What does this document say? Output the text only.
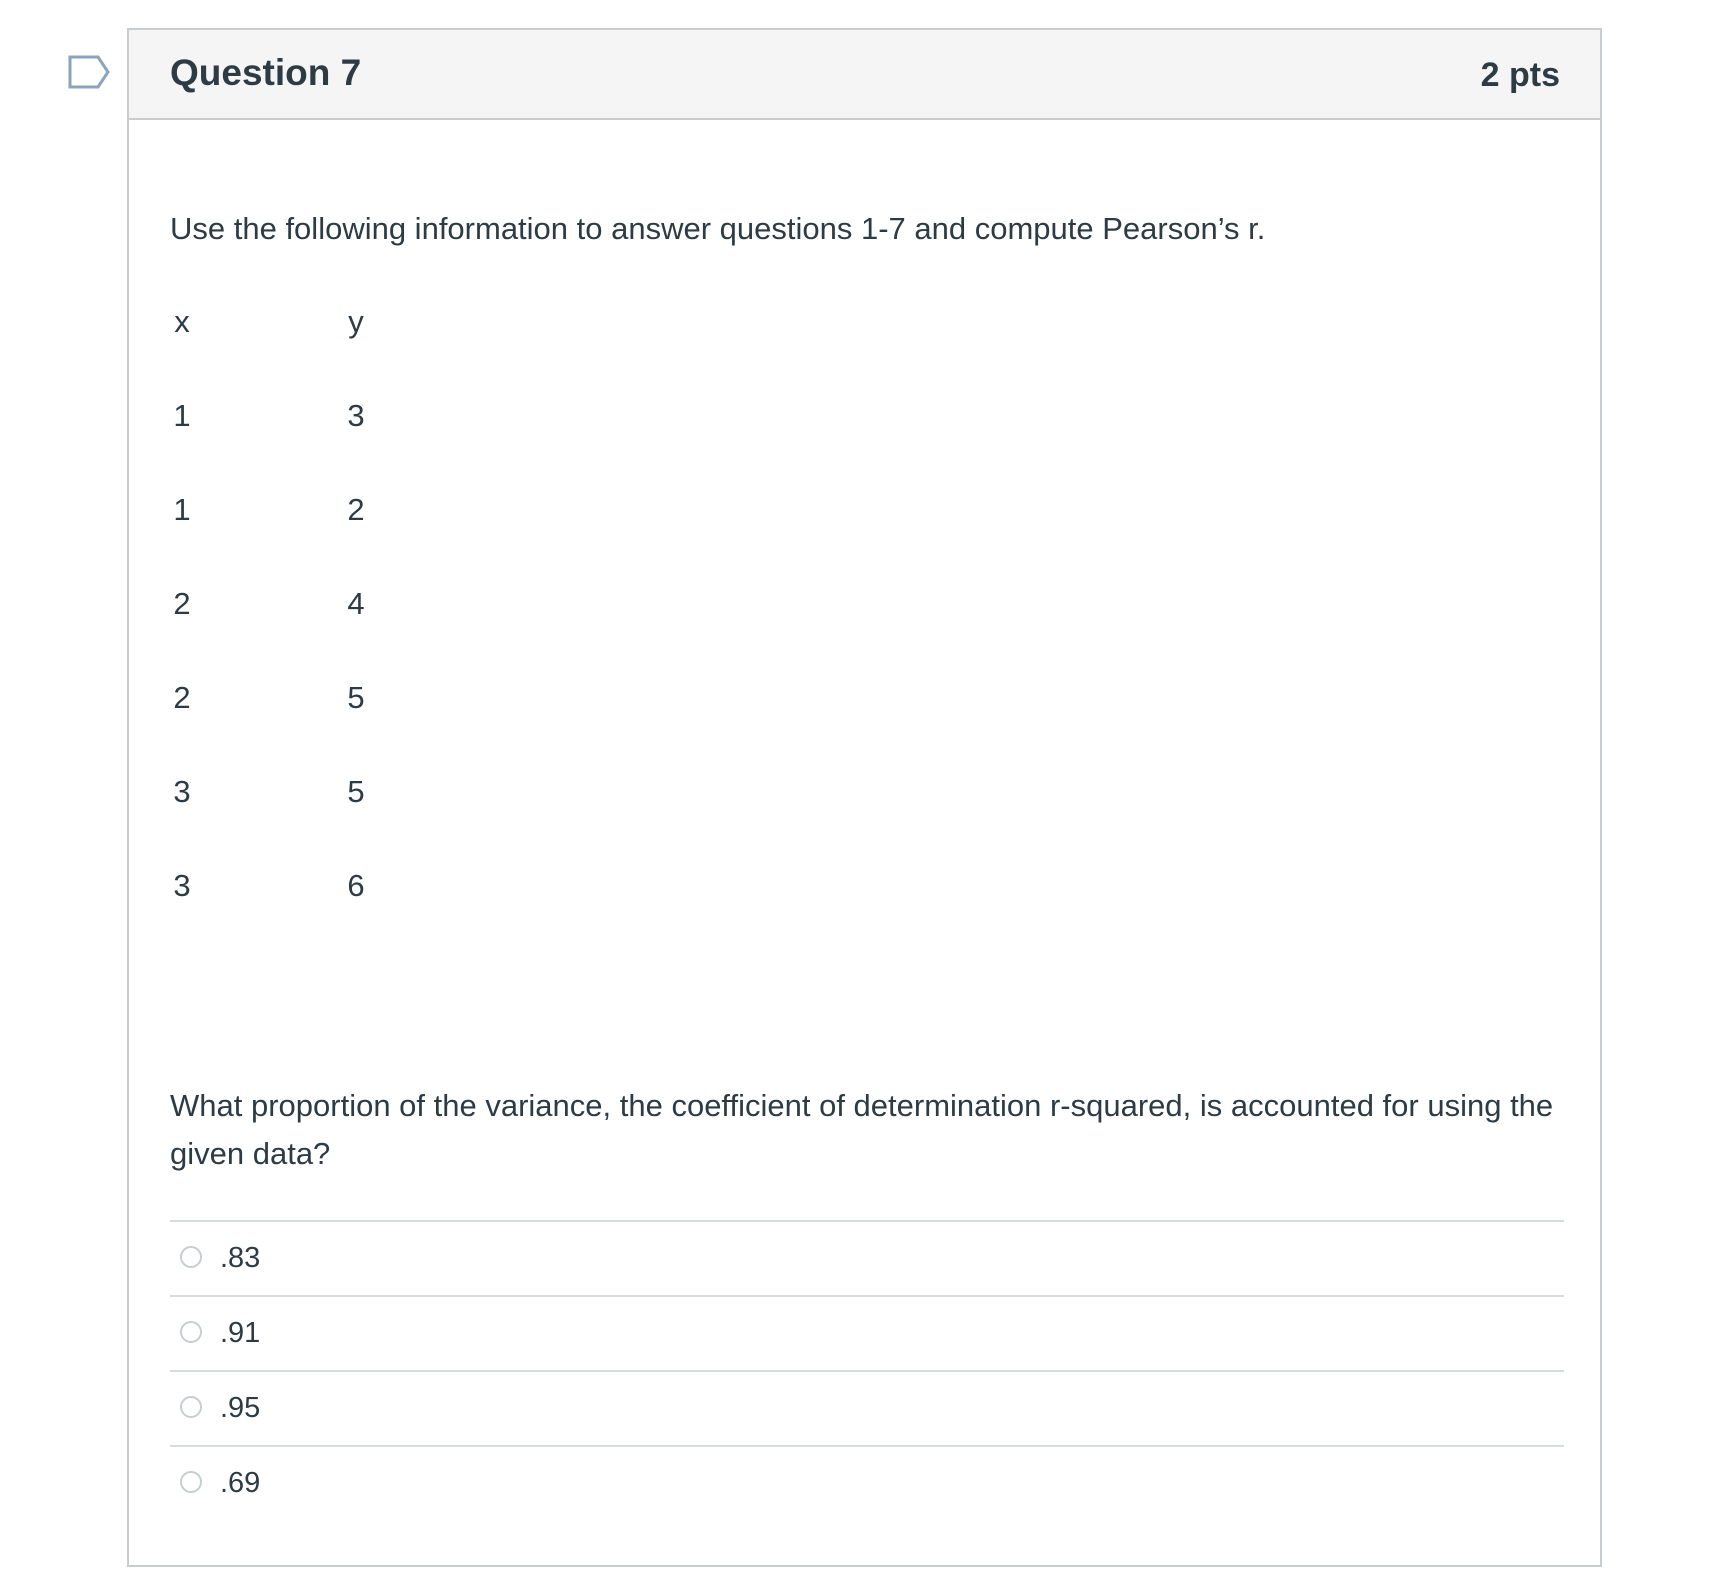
Question 7	2 pts
Use the following information to answer questions 1-7 and compute Pearson’s r.
x	y
1	3
1	2
2	4
2	5
3	5
3	6
What proportion of the variance, the coefficient of determination r-squared, is accounted for using the given data?
.83
.91
.95
.69
